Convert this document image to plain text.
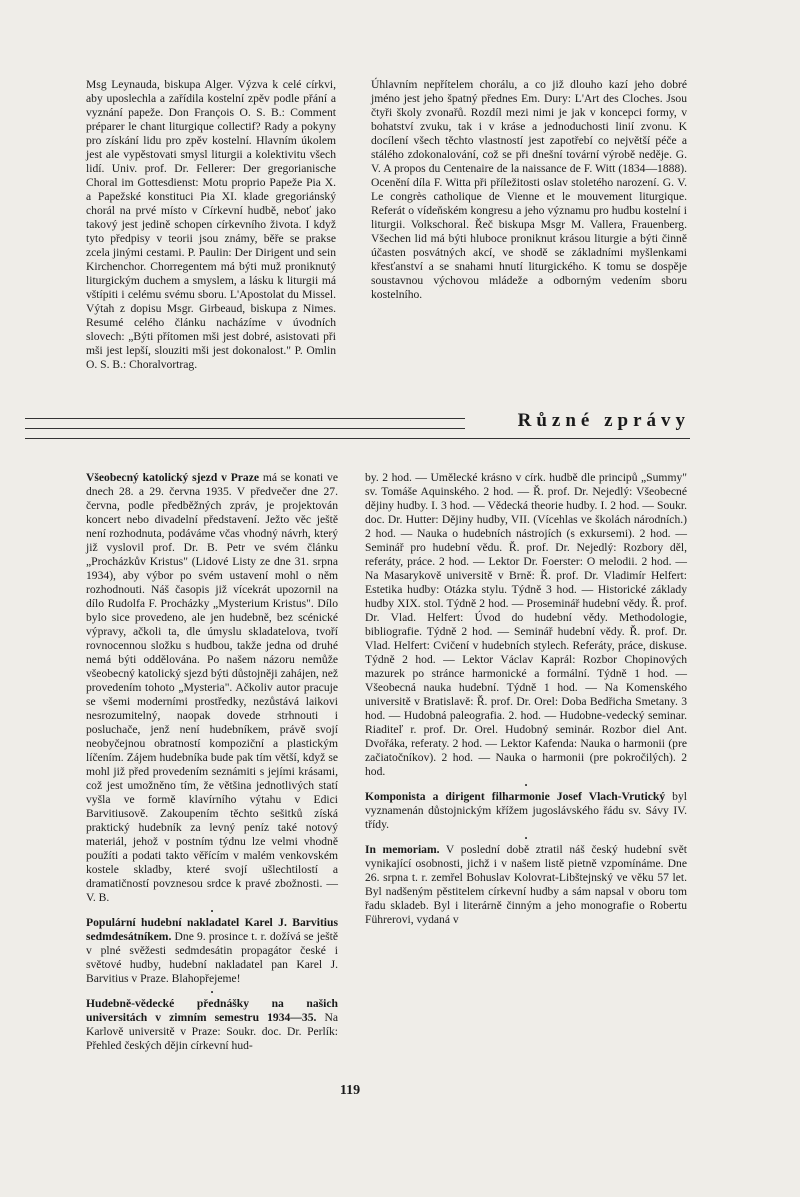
Msg Leynauda, biskupa Alger. Výzva k celé církvi, aby uposlechla a zařídila kostelní zpěv podle přání a vyznání papeže. Don François O. S. B.: Comment préparer le chant liturgique collectif? Rady a pokyny pro získání lidu pro zpěv kostelní. Hlavním úkolem jest ale vypěstovati smysl liturgii a kolektivitu všech lidí. Univ. prof. Dr. Fellerer: Der gregorianische Choral im Gottesdienst: Motu proprio Papeže Pia X. a Papežské konstituci Pia XI. klade gregoriánský chorál na prvé místo v Církevní hudbě, neboť jako takový jest jedině schopen církevního života. I když tyto předpisy v teorii jsou známy, běře se prakse zcela jinými cestami. P. Paulin: Der Dirigent und sein Kirchenchor. Chorregentem má býti muž proniknutý liturgickým duchem a smyslem, a lásku k liturgii má vštípiti i celému svému sboru. L'Apostolat du Missel. Výtah z dopisu Msgr. Girbeaud, biskupa z Nimes. Resumé celého článku nacházíme v úvodních slovech: „Býti přítomen mši jest dobré, asistovati při mši jest lepší, slouziti mši jest dokonalost." P. Omlin O. S. B.: Choralvortrag.

Úhlavním nepřítelem chorálu, a co již dlouho kazí jeho dobré jméno jest jeho špatný přednes Em. Dury: L'Art des Cloches. Jsou čtyři školy zvonařů. Rozdíl mezi nimi je jak v koncepci formy, v bohatství zvuku, tak i v kráse a jednoduchosti linií zvonu. K docílení všech těchto vlastností jest zapotřebí co největší péče a stálého zdokonalování, což se při dnešní tovární výrobě neděje. G. V. A propos du Centenaire de la naissance de F. Witt (1834—1888). Ocenění díla F. Witta při příležitosti oslav stoletého narození. G. V. Le congrès catholique de Vienne et le mouvement liturgique. Referát o vídeňském kongresu a jeho významu pro hudbu kostelní i liturgii. Volkschoral. Řeč biskupa Msgr M. Vallera, Frauenberg. Všechen lid má býti hluboce proniknut krásou liturgie a býti činně účasten posvátných akcí, ve shodě se základními myšlenkami křesťanství a se snahami hnutí liturgického. K tomu se dospěje soustavnou výchovou mládeže a odborným vedením sboru kostelního.

Různé zprávy

Všeobecný katolický sjezd v Praze má se konati ve dnech 28. a 29. června 1935. V předvečer dne 27. června, podle předběžných zpráv, je projektován koncert nebo divadelní představení. Ježto věc ještě není rozhodnuta, podáváme včas vhodný návrh, který již vyslovil prof. Dr. B. Petr ve svém článku „Procházkův Kristus" (Lidové Listy ze dne 31. srpna 1934), aby výbor po svém ustavení mohl o něm rozhodnouti. Náš časopis již vícekrát upozornil na dílo Rudolfa F. Procházky „Mysterium Kristus". Dílo bylo sice provedeno, ale jen hudebně, bez scénické výpravy, ačkoli ta, dle úmyslu skladatelova, tvoří rovnocennou složku s hudbou, takže jedna od druhé nemá býti oddělována. Po našem názoru nemůže všeobecný katolický sjezd býti důstojněji zahájen, než provedením tohoto „Mysteria". Ačkoliv autor pracuje se všemi moderními prostředky, nezůstává laikovi nesrozumitelný, naopak dovede strhnouti i posluchače, jenž není hudebníkem, právě svojí neobyčejnou obratností kompoziční a plastickým líčením. Zájem hudebníka bude pak tím větší, když se mohl již před provedením seznámiti s jejími krásami, což jest umožněno tím, že většina jednotlivých statí vyšla ve formě klavírního výtahu v Edici Barvitiusově. Zakoupením těchto sešitků získá praktický hudebník za levný peníz také notový materiál, jehož v postním týdnu lze velmi vhodně použíti a podati takto věřícím v malém venkovském kostele skladby, které svojí ušlechtilostí a dramatičností povznesou srdce k pravé zbožnosti. — V. B.

•

Populární hudební nakladatel Karel J. Barvitius sedmdesátníkem. Dne 9. prosince t. r. dožívá se ještě v plné svěžesti sedmdesátin propagátor české i světové hudby, hudební nakladatel pan Karel J. Barvitius v Praze. Blahopřejeme!

•

Hudebně-vědecké přednášky na našich universitách v zimním semestru 1934—35. Na Karlově universitě v Praze: Soukr. doc. Dr. Perlík: Přehled českých dějin církevní hud-

by. 2 hod. — Umělecké krásno v círk. hudbě dle principů „Summy" sv. Tomáše Aquinského. 2 hod. — Ř. prof. Dr. Nejedlý: Všeobecné dějiny hudby. I. 3 hod. — Vědecká theorie hudby. I. 2 hod. — Soukr. doc. Dr. Hutter: Dějiny hudby, VII. (Vícehlas ve školách národních.) 2 hod. — Nauka o hudebních nástrojích (s exkursemi). 2 hod. — Seminář pro hudební vědu. Ř. prof. Dr. Nejedlý: Rozbory děl, referáty, práce. 2 hod. — Lektor Dr. Foerster: O melodii. 2 hod. — Na Masarykově universitě v Brně: Ř. prof. Dr. Vladimír Helfert: Estetika hudby: Otázka stylu. Týdně 3 hod. — Historické základy hudby XIX. stol. Týdně 2 hod. — Proseminář hudební vědy. Ř. prof. Dr. Vlad. Helfert: Úvod do hudební vědy. Methodologie, bibliografie. Týdně 2 hod. — Seminář hudební vědy. Ř. prof. Dr. Vlad. Helfert: Cvičení v hudebních stylech. Referáty, práce, diskuse. Týdně 2 hod. — Lektor Václav Kaprál: Rozbor Chopinových mazurek po stránce harmonické a formální. Týdně 1 hod. — Všeobecná nauka hudební. Týdně 1 hod. — Na Komenského universitě v Bratislavě: Ř. prof. Dr. Orel: Doba Bedřicha Smetany. 3 hod. — Hudobná paleografia. 2. hod. — Hudobne-vedecký seminar. Riaditeľ r. prof. Dr. Orel. Hudobný seminár. Rozbor diel Ant. Dvořáka, referaty. 2 hod. — Lektor Kafenda: Nauka o harmonii (pre začiatočníkov). 2 hod. — Nauka o harmonii (pre pokročilých). 2 hod.

•

Komponista a dirigent filharmonie Josef Vlach-Vrutický byl vyznamenán důstojnickým křížem jugoslávského řádu sv. Sávy IV. třídy.

•

In memoriam. V poslední době ztratil náš český hudební svět vynikající osobnosti, jichž i v našem listě pietně vzpomínáme. Dne 26. srpna t. r. zemřel Bohuslav Kolovrat-Libštejnský ve věku 57 let. Byl nadšeným pěstitelem církevní hudby a sám napsal v oboru tom řadu skladeb. Byl i literárně činným a jeho monografie o Robertu Führerovi, vydaná v

119
